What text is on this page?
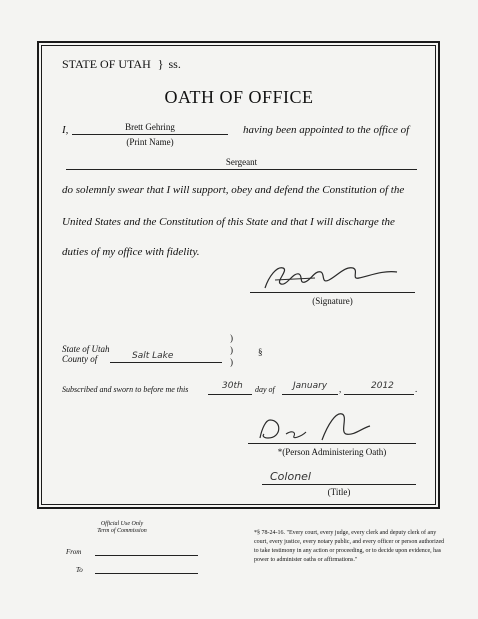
STATE OF UTAH } ss.
OATH OF OFFICE
I,	Brett Gehring
(Print Name)
having been appointed to the office of
Sergeant
do solemnly swear that I will support, obey and defend the Constitution of the
United States and the Constitution of this State and that I will discharge the
duties of my office with fidelity.
(Signature)
State of Utah
County of	Salt Lake
)
)
)
§
Subscribed and sworn to before me this	30th day of January ,	2012 .
*(Person Administering Oath)
Colonel
(Title)
Official Use Only
Term of Commission
From
To
*§ 78-24-16. "Every court, every judge, every clerk and deputy clerk of any court, every justice, every notary public, and every officer or person authorized to take testimony in any action or proceeding, or to decide upon evidence, has power to administer oaths or affirmations."
